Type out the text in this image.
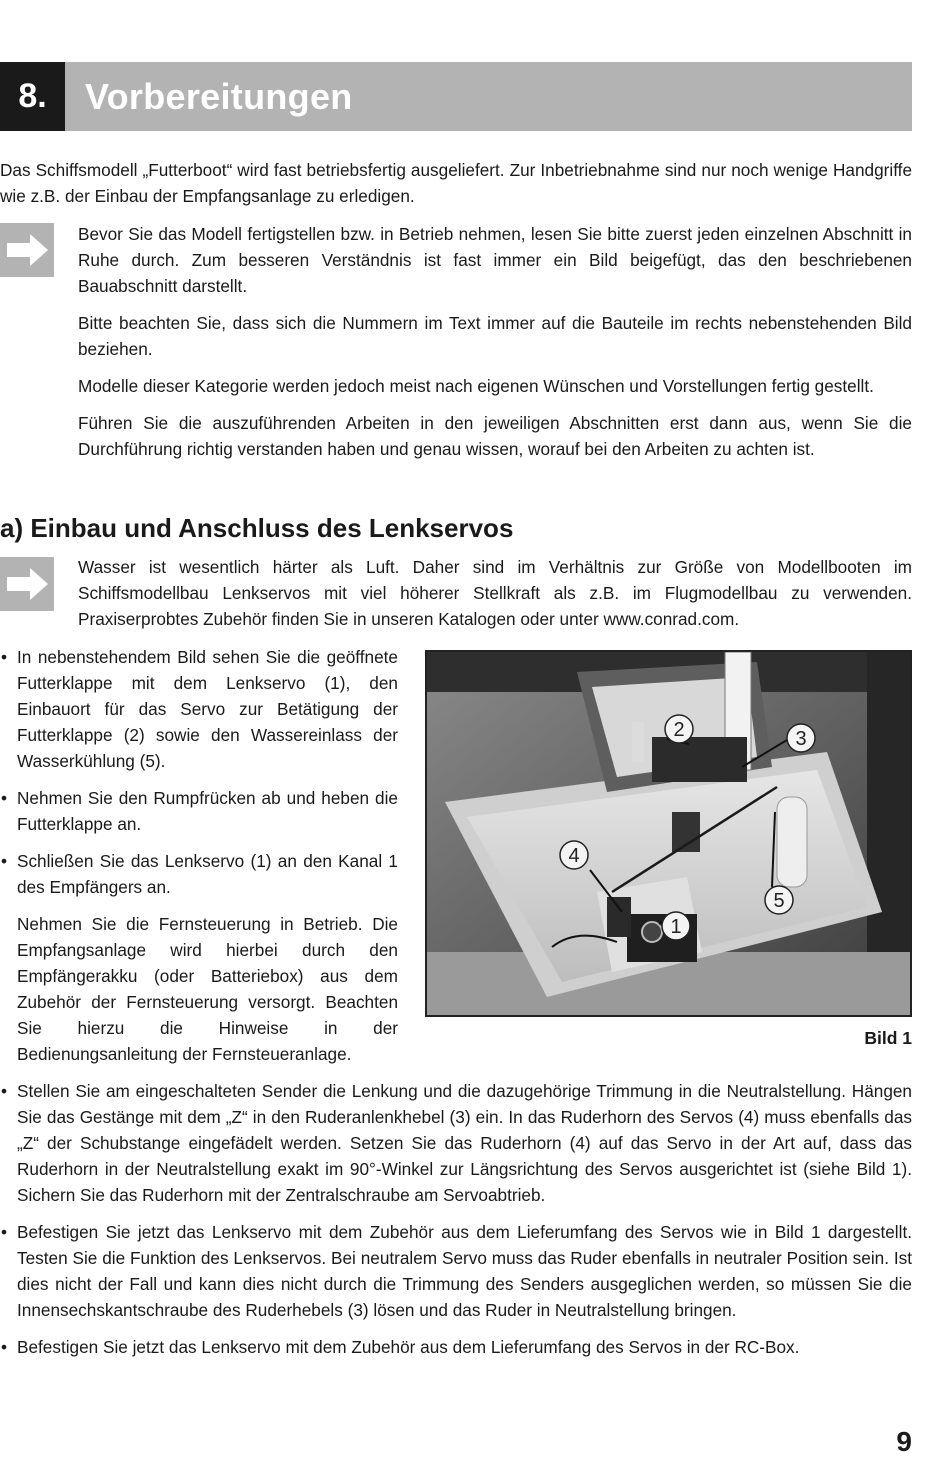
8.	Vorbereitungen

Das Schiffsmodell „Futterboot“ wird fast betriebsfertig ausgeliefert. Zur Inbetriebnahme sind nur noch wenige Handgriffe wie z.B. der Einbau der Empfangsanlage zu erledigen.

Bevor Sie das Modell fertigstellen bzw. in Betrieb nehmen, lesen Sie bitte zuerst jeden einzelnen Abschnitt in Ruhe durch. Zum besseren Verständnis ist fast immer ein Bild beigefügt, das den beschriebenen Bauabschnitt darstellt.

Bitte beachten Sie, dass sich die Nummern im Text immer auf die Bauteile im rechts nebenstehenden Bild beziehen.

Modelle dieser Kategorie werden jedoch meist nach eigenen Wünschen und Vorstellungen fertig gestellt.

Führen Sie die auszuführenden Arbeiten in den jeweiligen Abschnitten erst dann aus, wenn Sie die Durchführung richtig verstanden haben und genau wissen, worauf bei den Arbeiten zu achten ist.

a) Einbau und Anschluss des Lenkservos

Wasser ist wesentlich härter als Luft. Daher sind im Verhältnis zur Größe von Modellbooten im Schiffsmodellbau Lenkservos mit viel höherer Stellkraft als z.B. im Flugmodellbau zu verwenden. Praxiserprobtes Zubehör finden Sie in unseren Katalogen oder unter www.conrad.com.

• In nebenstehendem Bild sehen Sie die geöffnete Futterklappe mit dem Lenkservo (1), den Einbauort für das Servo zur Betätigung der Futterklappe (2) sowie den Wassereinlass der Wasserkühlung (5).

• Nehmen Sie den Rumpfrücken ab und heben die Futterklappe an.

• Schließen Sie das Lenkservo (1) an den Kanal 1 des Empfängers an.

Nehmen Sie die Fernsteuerung in Betrieb. Die Empfangsanlage wird hierbei durch den Empfängerakku (oder Batteriebox) aus dem Zubehör der Fernsteuerung versorgt. Beachten Sie hierzu die Hinweise in der Bedienungsanleitung der Fernsteueranlage.

1
2	3
4
5
Bild 1

• Stellen Sie am eingeschalteten Sender die Lenkung und die dazugehörige Trimmung in die Neutralstellung. Hängen Sie das Gestänge mit dem „Z“ in den Ruderanlenkhebel (3) ein. In das Ruderhorn des Servos (4) muss ebenfalls das „Z“ der Schubstange eingefädelt werden. Setzen Sie das Ruderhorn (4) auf das Servo in der Art auf, dass das Ruderhorn in der Neutralstellung exakt im 90°-Winkel zur Längsrichtung des Servos ausgerichtet ist (siehe Bild 1). Sichern Sie das Ruderhorn mit der Zentralschraube am Servoabtrieb.

• Befestigen Sie jetzt das Lenkservo mit dem Zubehör aus dem Lieferumfang des Servos wie in Bild 1 dargestellt. Testen Sie die Funktion des Lenkservos. Bei neutralem Servo muss das Ruder ebenfalls in neutraler Position sein. Ist dies nicht der Fall und kann dies nicht durch die Trimmung des Senders ausgeglichen werden, so müssen Sie die Innensechskantschraube des Ruderhebels (3) lösen und das Ruder in Neutralstellung bringen.

• Befestigen Sie jetzt das Lenkservo mit dem Zubehör aus dem Lieferumfang des Servos in der RC-Box.

9
